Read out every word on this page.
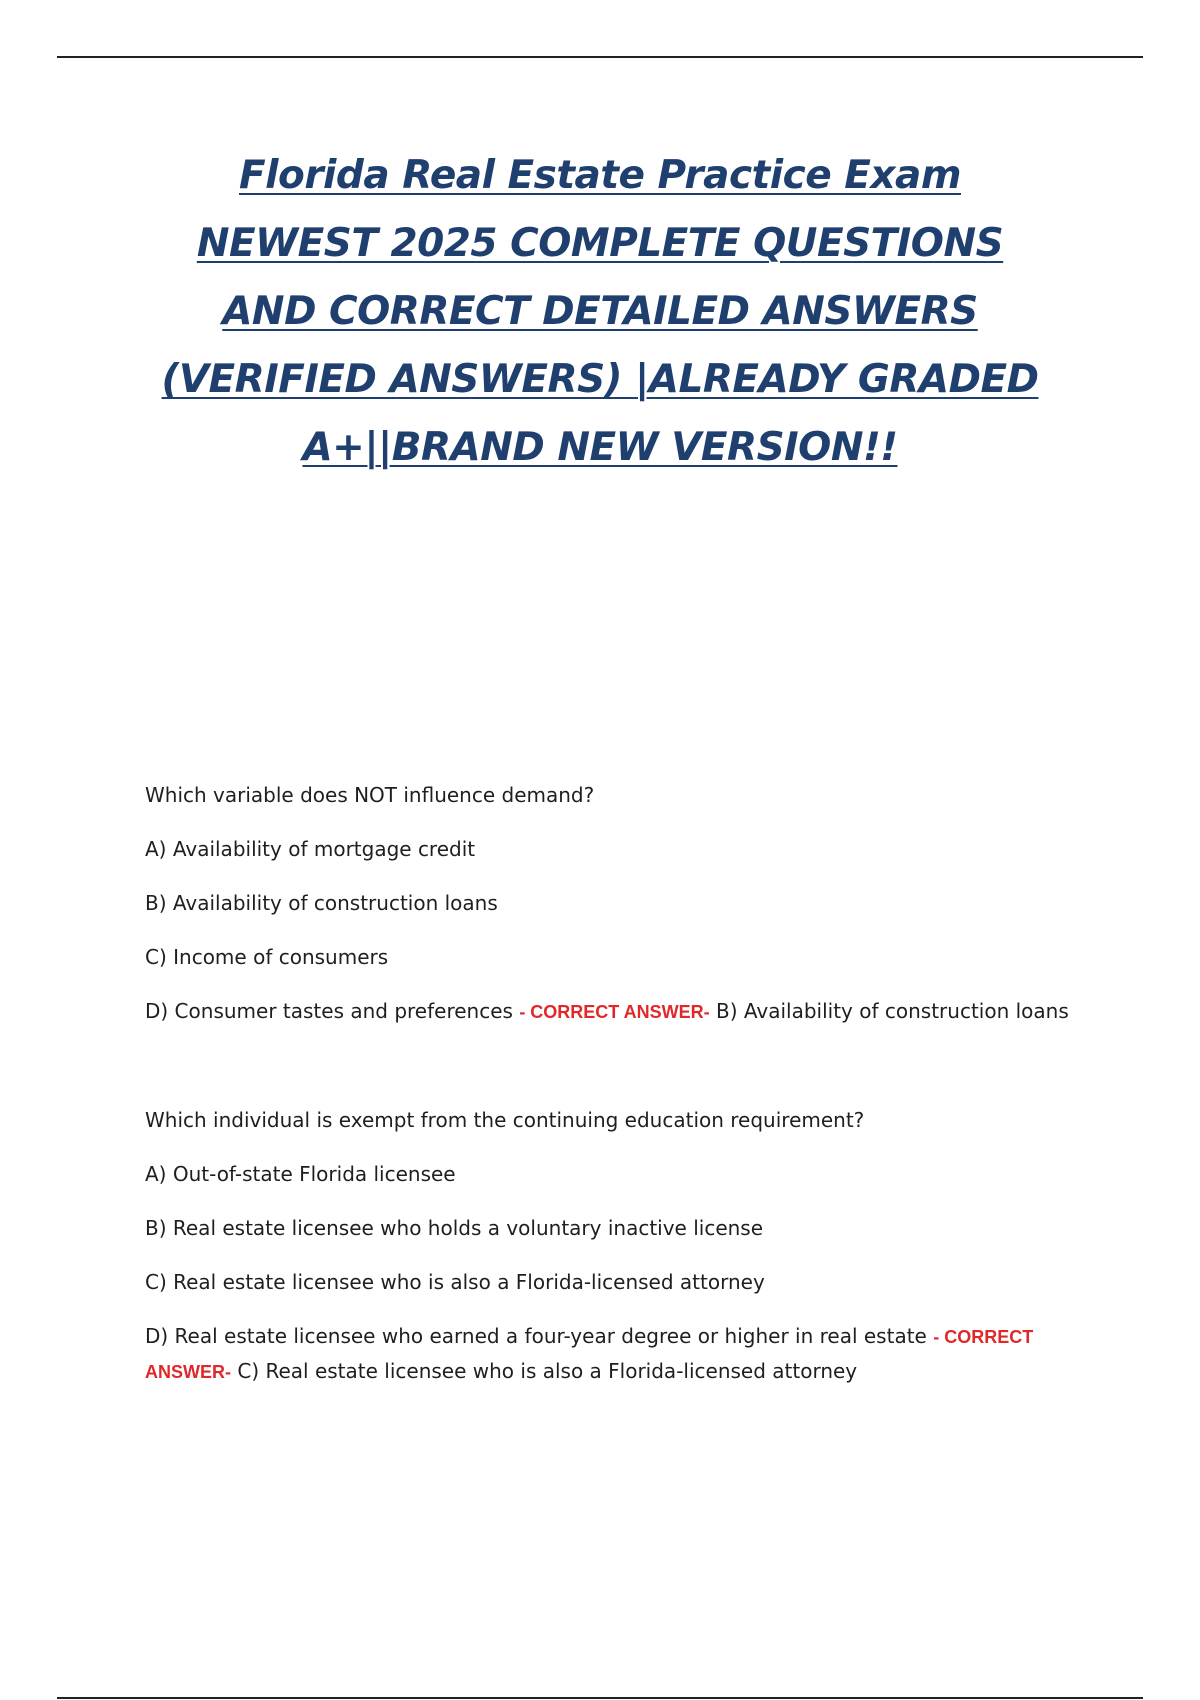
Florida Real Estate Practice Exam NEWEST 2025 COMPLETE QUESTIONS AND CORRECT DETAILED ANSWERS (VERIFIED ANSWERS) |ALREADY GRADED A+||BRAND NEW VERSION!!
Which variable does NOT influence demand?
A) Availability of mortgage credit
B) Availability of construction loans
C) Income of consumers
D) Consumer tastes and preferences - CORRECT ANSWER- B) Availability of construction loans
Which individual is exempt from the continuing education requirement?
A) Out-of-state Florida licensee
B) Real estate licensee who holds a voluntary inactive license
C) Real estate licensee who is also a Florida-licensed attorney
D) Real estate licensee who earned a four-year degree or higher in real estate - CORRECT ANSWER- C) Real estate licensee who is also a Florida-licensed attorney
